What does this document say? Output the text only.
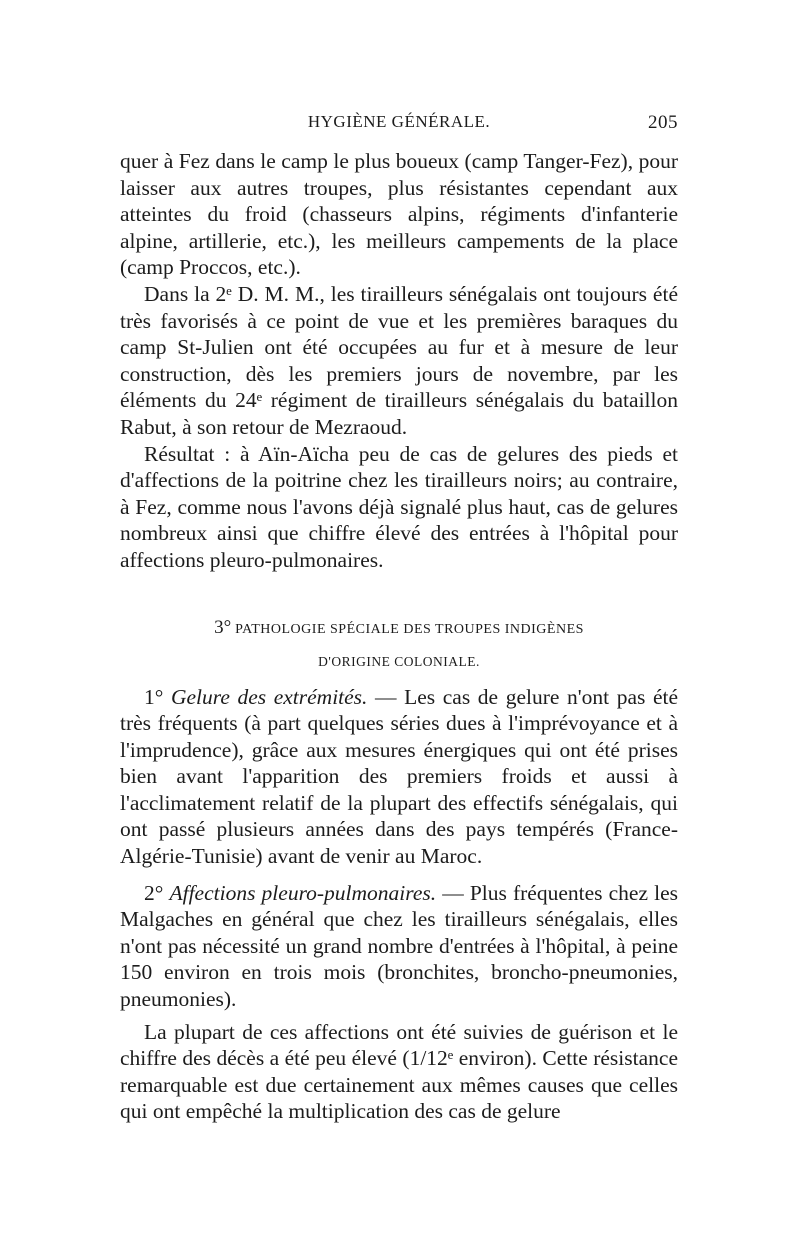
HYGIÈNE GÉNÉRALE.	205

quer à Fez dans le camp le plus boueux (camp Tanger-Fez), pour laisser aux autres troupes, plus résistantes cependant aux atteintes du froid (chasseurs alpins, régiments d'infanterie alpine, artillerie, etc.), les meilleurs campements de la place (camp Proccos, etc.).

Dans la 2ᵉ D. M. M., les tirailleurs sénégalais ont toujours été très favorisés à ce point de vue et les premières baraques du camp St-Julien ont été occupées au fur et à mesure de leur construction, dès les premiers jours de novembre, par les éléments du 24ᵉ régiment de tirailleurs sénégalais du bataillon Rabut, à son retour de Mezraoud.

Résultat : à Aïn-Aïcha peu de cas de gelures des pieds et d'affections de la poitrine chez les tirailleurs noirs; au contraire, à Fez, comme nous l'avons déjà signalé plus haut, cas de gelures nombreux ainsi que chiffre élevé des entrées à l'hôpital pour affections pleuro-pulmonaires.

3° PATHOLOGIE SPÉCIALE DES TROUPES INDIGÈNES
D'ORIGINE COLONIALE.

1° Gelure des extrémités. — Les cas de gelure n'ont pas été très fréquents (à part quelques séries dues à l'imprévoyance et à l'imprudence), grâce aux mesures énergiques qui ont été prises bien avant l'apparition des premiers froids et aussi à l'acclimatement relatif de la plupart des effectifs sénégalais, qui ont passé plusieurs années dans des pays tempérés (France-Algérie-Tunisie) avant de venir au Maroc.

2° Affections pleuro-pulmonaires. — Plus fréquentes chez les Malgaches en général que chez les tirailleurs sénégalais, elles n'ont pas nécessité un grand nombre d'entrées à l'hôpital, à peine 150 environ en trois mois (bronchites, broncho-pneumonies, pneumonies).

La plupart de ces affections ont été suivies de guérison et le chiffre des décès a été peu élevé (1/12ᵉ environ). Cette résistance remarquable est due certainement aux mêmes causes que celles qui ont empêché la multiplication des cas de gelure
